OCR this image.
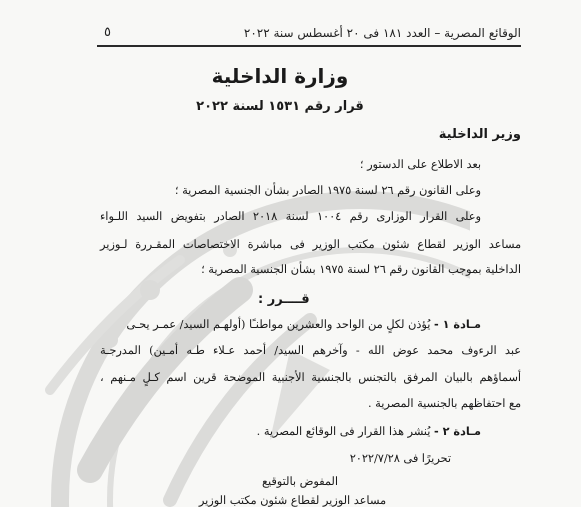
الوقائع المصرية – العدد ١٨١ فى ٢٠ أغسطس سنة ٢٠٢٢
٥
وزارة الداخلية
قرار رقم ١٥٣١ لسنة ٢٠٢٢
وزير الداخلية
بعد الاطلاع على الدستور ؛
وعلى القانون رقم ٢٦ لسنة ١٩٧٥ الصادر بشأن الجنسية المصرية ؛
وعلى القرار الوزارى رقم ١٠٠٤ لسنة ٢٠١٨ الصادر بتفويض السيد اللـواء
مساعد الوزير لقطاع شئون مكتب الوزير فى مباشرة الاختصاصات المقـررة لـوزير
الداخلية بموجب القانون رقم ٢٦ لسنة ١٩٧٥ بشأن الجنسية المصرية ؛
قــــرر :
مـادة ١ - يُؤذن لكلٍ من الواحد والعشرين مواطنـًا (أولهـم السيد/ عمـر يحـى
عبد الرءوف محمد عوض الله - وآخرهم السيد/ أحمد عـلاء طـه أمـين) المدرجـة
أسماؤهم بالبيان المرفق بالتجنس بالجنسية الأجنبية الموضحة قرين اسم كـلٍ مـنهم ،
مع احتفاظهم بالجنسية المصرية .
مـادة ٢ - يُنشر هذا القرار فى الوقائع المصرية .
تحريرًا فى ٢٠٢٢/٧/٢٨
المفوض بالتوقيع
مساعد الوزير لقطاع شئون مكتب الوزير
